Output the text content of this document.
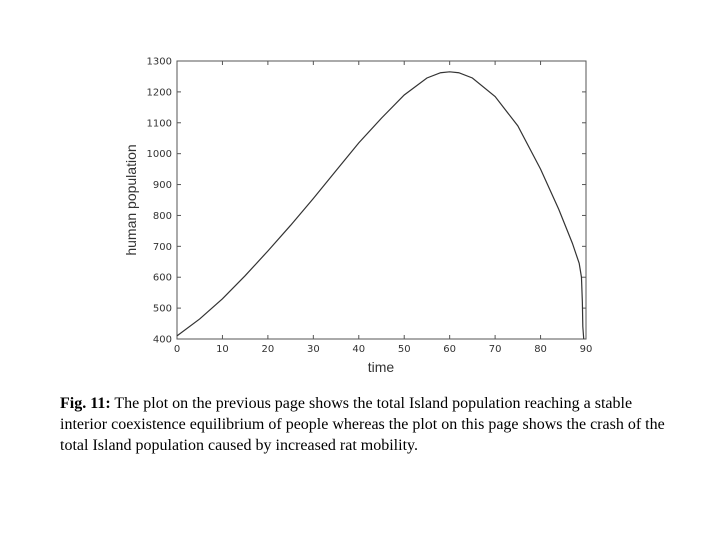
0	10	20	30	40	50	60	70	80	90
400
500
600
700
800
900
1000
1100
1200
1300
time
human population
Fig. 11: The plot on the previous page shows the total Island population reaching a stable interior coexistence equilibrium of people whereas the plot on this page shows the crash of the total Island population caused by increased rat mobility.
